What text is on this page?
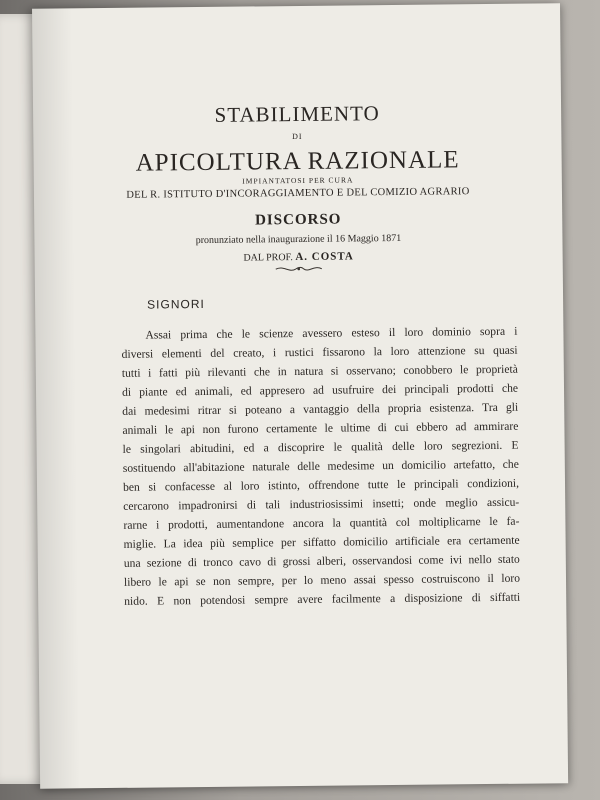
STABILIMENTO
DI
APICOLTURA RAZIONALE
IMPIANTATOSI PER CURA
DEL R. ISTITUTO D'INCORAGGIAMENTO E DEL COMIZIO AGRARIO
DISCORSO
pronunziato nella inaugurazione il 16 Maggio 1871
DAL PROF. A. COSTA
SIGNORI
Assai prima che le scienze avessero esteso il loro dominio sopra i
diversi elementi del creato, i rustici fissarono la loro attenzione su quasi
tutti i fatti più rilevanti che in natura si osservano; conobbero le proprietà
di piante ed animali, ed appresero ad usufruire dei principali prodotti che
dai medesimi ritrar si poteano a vantaggio della propria esistenza. Tra gli
animali le api non furono certamente le ultime di cui ebbero ad ammirare
le singolari abitudini, ed a discoprire le qualità delle loro segrezioni. E
sostituendo all'abitazione naturale delle medesime un domicilio artefatto, che
ben si confacesse al loro istinto, offrendone tutte le principali condizioni,
cercarono impadronirsi di tali industriosissimi insetti; onde meglio assicu-
rarne i prodotti, aumentandone ancora la quantità col moltiplicarne le fa-
miglie. La idea più semplice per siffatto domicilio artificiale era certamente
una sezione di tronco cavo di grossi alberi, osservandosi come ivi nello stato
libero le api se non sempre, per lo meno assai spesso costruiscono il loro
nido. E non potendosi sempre avere facilmente a disposizione di siffatti
